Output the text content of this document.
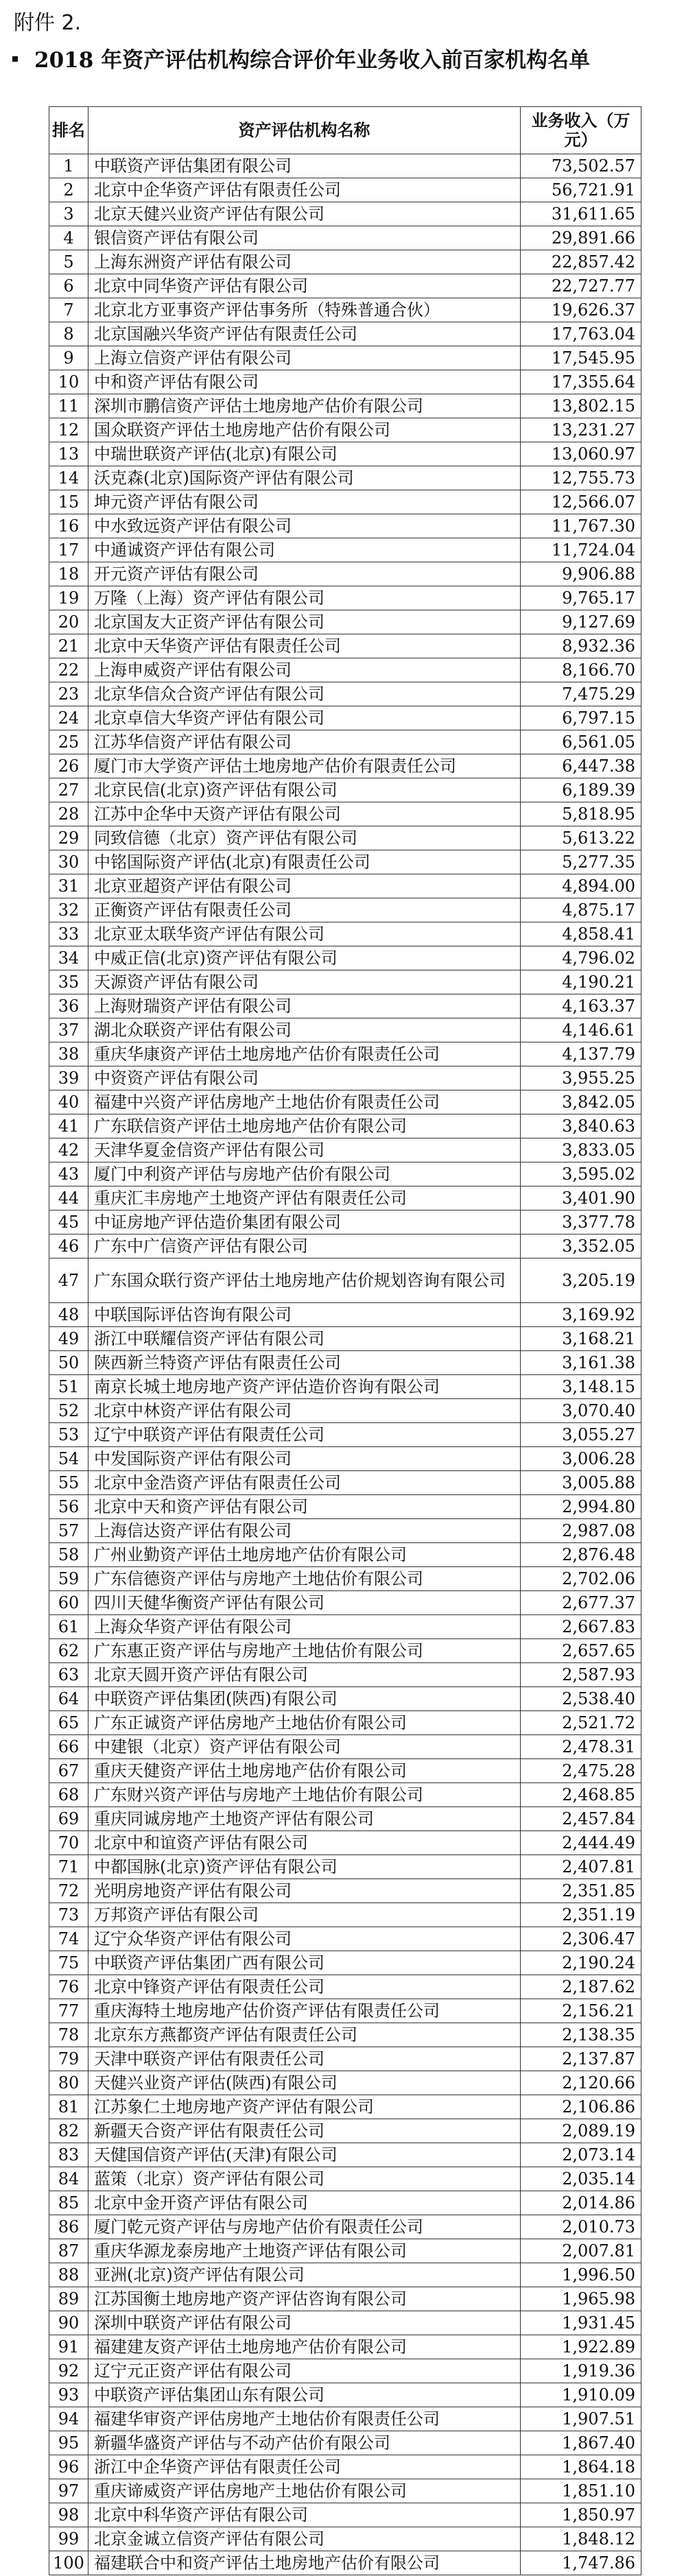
附件 2.
2018 年资产评估机构综合评价年业务收入前百家机构名单
排名	资产评估机构名称	业务收入（万元）
1	中联资产评估集团有限公司	73,502.57
2	北京中企华资产评估有限责任公司	56,721.91
3	北京天健兴业资产评估有限公司	31,611.65
4	银信资产评估有限公司	29,891.66
5	上海东洲资产评估有限公司	22,857.42
6	北京中同华资产评估有限公司	22,727.77
7	北京北方亚事资产评估事务所（特殊普通合伙）	19,626.37
8	北京国融兴华资产评估有限责任公司	17,763.04
9	上海立信资产评估有限公司	17,545.95
10	中和资产评估有限公司	17,355.64
11	深圳市鹏信资产评估土地房地产估价有限公司	13,802.15
12	国众联资产评估土地房地产估价有限公司	13,231.27
13	中瑞世联资产评估(北京)有限公司	13,060.97
14	沃克森(北京)国际资产评估有限公司	12,755.73
15	坤元资产评估有限公司	12,566.07
16	中水致远资产评估有限公司	11,767.30
17	中通诚资产评估有限公司	11,724.04
18	开元资产评估有限公司	9,906.88
19	万隆（上海）资产评估有限公司	9,765.17
20	北京国友大正资产评估有限公司	9,127.69
21	北京中天华资产评估有限责任公司	8,932.36
22	上海申威资产评估有限公司	8,166.70
23	北京华信众合资产评估有限公司	7,475.29
24	北京卓信大华资产评估有限公司	6,797.15
25	江苏华信资产评估有限公司	6,561.05
26	厦门市大学资产评估土地房地产估价有限责任公司	6,447.38
27	北京民信(北京)资产评估有限公司	6,189.39
28	江苏中企华中天资产评估有限公司	5,818.95
29	同致信德（北京）资产评估有限公司	5,613.22
30	中铭国际资产评估(北京)有限责任公司	5,277.35
31	北京亚超资产评估有限公司	4,894.00
32	正衡资产评估有限责任公司	4,875.17
33	北京亚太联华资产评估有限公司	4,858.41
34	中威正信(北京)资产评估有限公司	4,796.02
35	天源资产评估有限公司	4,190.21
36	上海财瑞资产评估有限公司	4,163.37
37	湖北众联资产评估有限公司	4,146.61
38	重庆华康资产评估土地房地产估价有限责任公司	4,137.79
39	中资资产评估有限公司	3,955.25
40	福建中兴资产评估房地产土地估价有限责任公司	3,842.05
41	广东联信资产评估土地房地产估价有限公司	3,840.63
42	天津华夏金信资产评估有限公司	3,833.05
43	厦门中利资产评估与房地产估价有限公司	3,595.02
44	重庆汇丰房地产土地资产评估有限责任公司	3,401.90
45	中证房地产评估造价集团有限公司	3,377.78
46	广东中广信资产评估有限公司	3,352.05
47	广东国众联行资产评估土地房地产估价规划咨询有限公司	3,205.19
48	中联国际评估咨询有限公司	3,169.92
49	浙江中联耀信资产评估有限公司	3,168.21
50	陕西新兰特资产评估有限责任公司	3,161.38
51	南京长城土地房地产资产评估造价咨询有限公司	3,148.15
52	北京中林资产评估有限公司	3,070.40
53	辽宁中联资产评估有限责任公司	3,055.27
54	中发国际资产评估有限公司	3,006.28
55	北京中金浩资产评估有限责任公司	3,005.88
56	北京中天和资产评估有限公司	2,994.80
57	上海信达资产评估有限公司	2,987.08
58	广州业勤资产评估土地房地产估价有限公司	2,876.48
59	广东信德资产评估与房地产土地估价有限公司	2,702.06
60	四川天健华衡资产评估有限公司	2,677.37
61	上海众华资产评估有限公司	2,667.83
62	广东惠正资产评估与房地产土地估价有限公司	2,657.65
63	北京天圆开资产评估有限公司	2,587.93
64	中联资产评估集团(陕西)有限公司	2,538.40
65	广东正诚资产评估房地产土地估价有限公司	2,521.72
66	中建银（北京）资产评估有限公司	2,478.31
67	重庆天健资产评估土地房地产估价有限公司	2,475.28
68	广东财兴资产评估与房地产土地估价有限公司	2,468.85
69	重庆同诚房地产土地资产评估有限公司	2,457.84
70	北京中和谊资产评估有限公司	2,444.49
71	中都国脉(北京)资产评估有限公司	2,407.81
72	光明房地资产评估有限公司	2,351.85
73	万邦资产评估有限公司	2,351.19
74	辽宁众华资产评估有限公司	2,306.47
75	中联资产评估集团广西有限公司	2,190.24
76	北京中锋资产评估有限责任公司	2,187.62
77	重庆海特土地房地产估价资产评估有限责任公司	2,156.21
78	北京东方燕都资产评估有限责任公司	2,138.35
79	天津中联资产评估有限责任公司	2,137.87
80	天健兴业资产评估(陕西)有限公司	2,120.66
81	江苏象仁土地房地产资产评估有限公司	2,106.86
82	新疆天合资产评估有限责任公司	2,089.19
83	天健国信资产评估(天津)有限公司	2,073.14
84	蓝策（北京）资产评估有限公司	2,035.14
85	北京中金开资产评估有限公司	2,014.86
86	厦门乾元资产评估与房地产估价有限责任公司	2,010.73
87	重庆华源龙泰房地产土地资产评估有限公司	2,007.81
88	亚洲(北京)资产评估有限公司	1,996.50
89	江苏国衡土地房地产资产评估咨询有限公司	1,965.98
90	深圳中联资产评估有限公司	1,931.45
91	福建建友资产评估土地房地产估价有限公司	1,922.89
92	辽宁元正资产评估有限公司	1,919.36
93	中联资产评估集团山东有限公司	1,910.09
94	福建华审资产评估房地产土地估价有限责任公司	1,907.51
95	新疆华盛资产评估与不动产估价有限公司	1,867.40
96	浙江中企华资产评估有限责任公司	1,864.18
97	重庆谛威资产评估房地产土地估价有限公司	1,851.10
98	北京中科华资产评估有限公司	1,850.97
99	北京金诚立信资产评估有限公司	1,848.12
100	福建联合中和资产评估土地房地产估价有限公司	1,747.86
